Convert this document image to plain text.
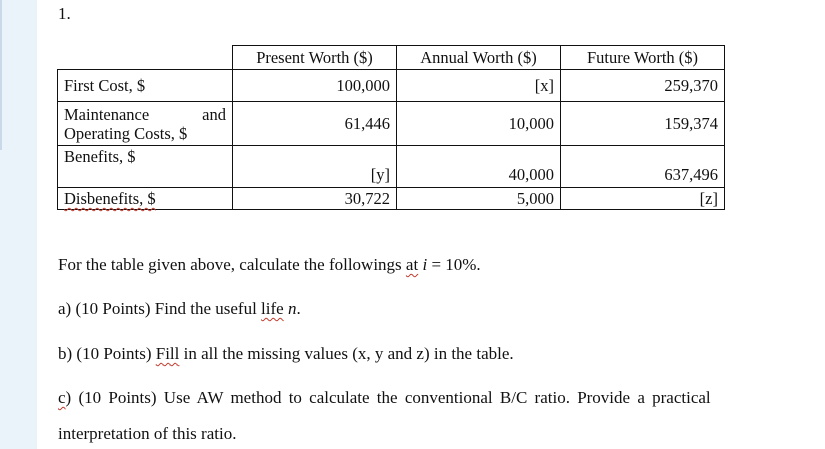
1.
	Present Worth ($)	Annual Worth ($)	Future Worth ($)
First Cost, $	100,000	[x]	259,370

Maintenance and
Operating Costs, $	61,446	10,000	159,374
Benefits, $	[y]	40,000	637,496
Disbenefits, $	30,722	5,000	[z]
For the table given above, calculate the followings at i = 10%.
a) (10 Points) Find the useful life n.
b) (10 Points) Fill in all the missing values (x, y and z) in the table.
c) (10 Points) Use AW method to calculate the conventional B/C ratio. Provide a practical
interpretation of this ratio.
